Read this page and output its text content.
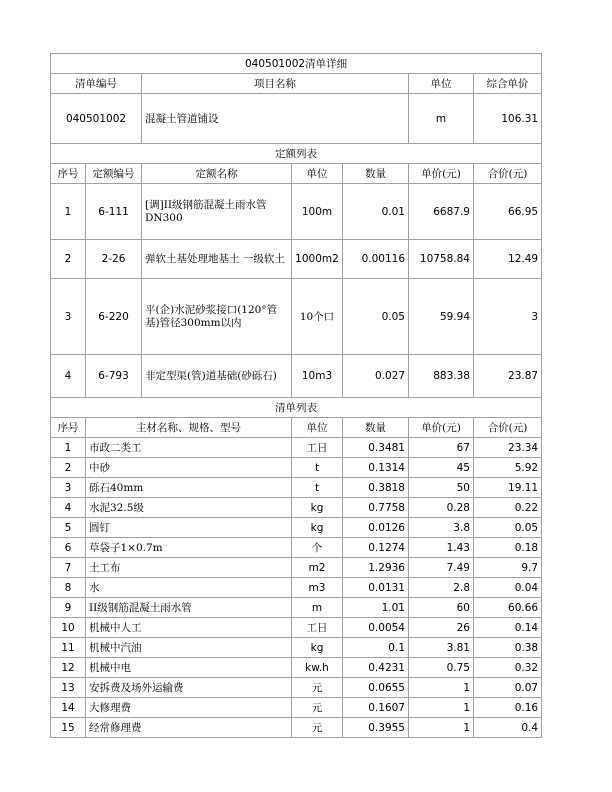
040501002清单详细						
清单编号		项目名称			单位	综合单价
040501002		混凝土管道铺设			m	106.31
定额列表						
序号	定额编号	定额名称	单位	数量	单价(元)	合价(元)
1	6-111	[调]II级钢筋混凝土雨水管DN300	100m	0.01	6687.9	66.95
2	2-26	弹软土基处理地基土 一级软土	1000m2	0.00116	10758.84	12.49
3	6-220	平(企)水泥砂浆接口(120°管基)管径300mm以内	10个口	0.05	59.94	3
4	6-793	非定型渠(管)道基础(砂砾石)	10m3	0.027	883.38	23.87
清单列表						
序号	主材名称、规格、型号		单位	数量	单价(元)	合价(元)
1	市政二类工		工日	0.3481	67	23.34
2	中砂		t	0.1314	45	5.92
3	砾石40mm		t	0.3818	50	19.11
4	水泥32.5级		kg	0.7758	0.28	0.22
5	圆钉		kg	0.0126	3.8	0.05
6	草袋子1×0.7m		个	0.1274	1.43	0.18
7	土工布		m2	1.2936	7.49	9.7
8	水		m3	0.0131	2.8	0.04
9	II级钢筋混凝土雨水管		m	1.01	60	60.66
10	机械中人工		工日	0.0054	26	0.14
11	机械中汽油		kg	0.1	3.81	0.38
12	机械中电		kw.h	0.4231	0.75	0.32
13	安拆费及场外运输费		元	0.0655	1	0.07
14	大修理费		元	0.1607	1	0.16
15	经常修理费		元	0.3955	1	0.4
